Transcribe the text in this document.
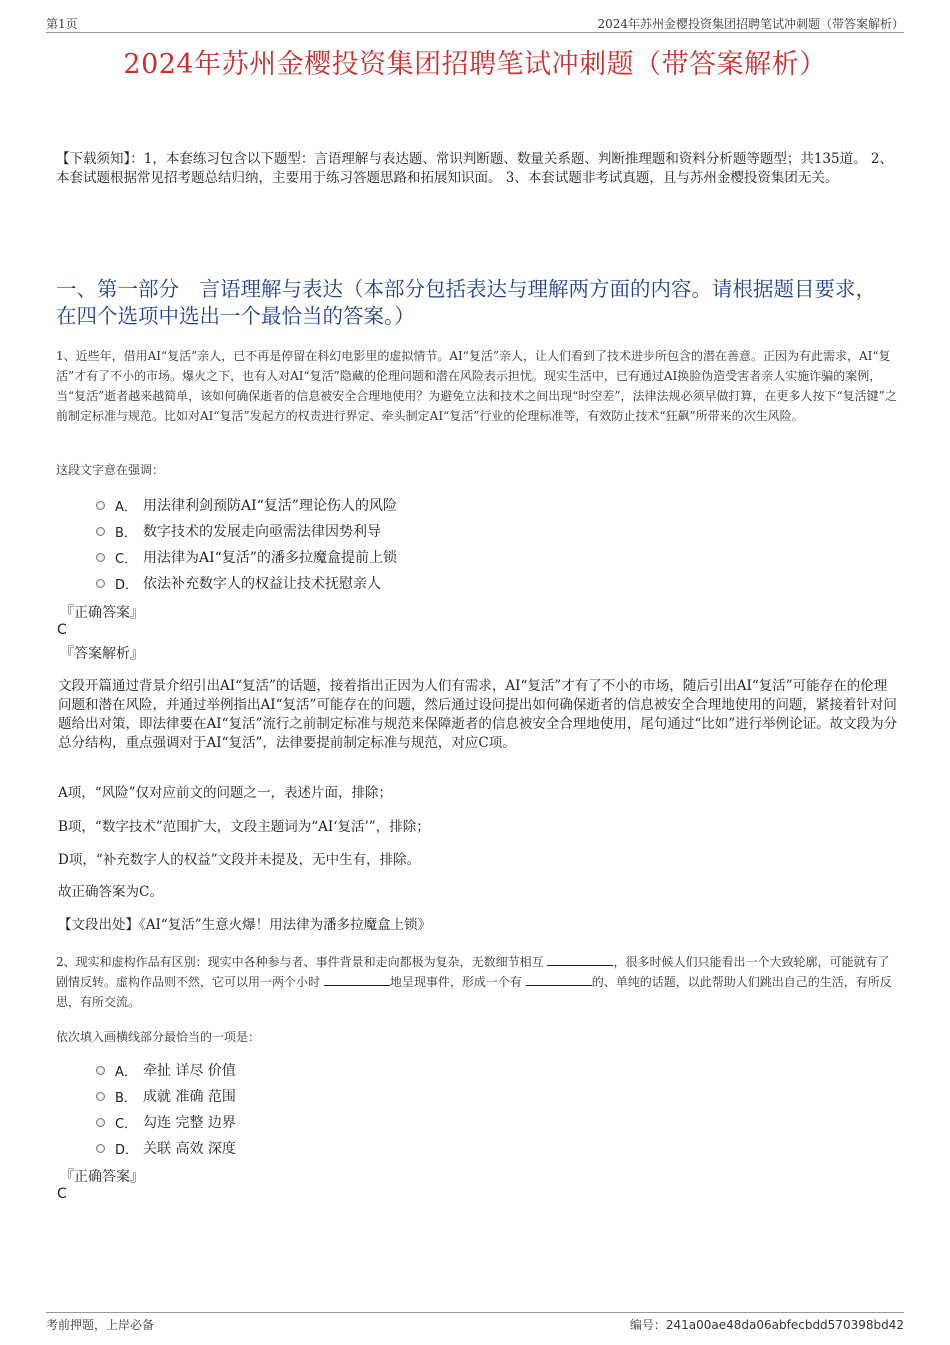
第1页	2024年苏州金樱投资集团招聘笔试冲刺题（带答案解析）
2024年苏州金樱投资集团招聘笔试冲刺题（带答案解析）
【下载须知】：1，本套练习包含以下题型：言语理解与表达题、常识判断题、数量关系题、判断推理题和资料分析题等题型；共135道。 2、本套试题根据常见招考题总结归纳，主要用于练习答题思路和拓展知识面。 3、本套试题非考试真题，且与苏州金樱投资集团无关。
一、第一部分　言语理解与表达（本部分包括表达与理解两方面的内容。请根据题目要求，在四个选项中选出一个最恰当的答案。）
1、近些年，借用AI“复活”亲人，已不再是停留在科幻电影里的虚拟情节。AI“复活”亲人，让人们看到了技术进步所包含的潜在善意。正因为有此需求，AI“复活”才有了不小的市场。爆火之下，也有人对AI“复活”隐藏的伦理问题和潜在风险表示担忧。现实生活中，已有通过AI换脸伪造受害者亲人实施诈骗的案例，当“复活”逝者越来越简单，该如何确保逝者的信息被安全合理地使用？为避免立法和技术之间出现“时空差”，法律法规必须早做打算，在更多人按下“复活键”之前制定标准与规范。比如对AI“复活”发起方的权责进行界定、牵头制定AI“复活”行业的伦理标准等，有效防止技术“狂飙”所带来的次生风险。
这段文字意在强调：
A． 用法律利剑预防AI“复活”理论伤人的风险
B． 数字技术的发展走向亟需法律因势利导
C． 用法律为AI“复活”的潘多拉魔盒提前上锁
D． 依法补充数字人的权益让技术抚慰亲人
『正确答案』
C
『答案解析』
文段开篇通过背景介绍引出AI“复活”的话题，接着指出正因为人们有需求，AI“复活”才有了不小的市场，随后引出AI“复活”可能存在的伦理问题和潜在风险，并通过举例指出AI“复活”可能存在的问题，然后通过设问提出如何确保逝者的信息被安全合理地使用的问题，紧接着针对问题给出对策，即法律要在AI“复活”流行之前制定标准与规范来保障逝者的信息被安全合理地使用，尾句通过“比如”进行举例论证。故文段为分总分结构，重点强调对于AI“复活”，法律要提前制定标准与规范，对应C项。
A项，“风险”仅对应前文的问题之一，表述片面，排除；
B项，“数字技术”范围扩大，文段主题词为“AI‘复活’”，排除；
D项，“补充数字人的权益”文段并未提及，无中生有，排除。
故正确答案为C。
【文段出处】《AI“复活”生意火爆！用法律为潘多拉魔盒上锁》
2、现实和虚构作品有区别：现实中各种参与者、事件背景和走向都极为复杂，无数细节相互	，很多时候人们只能看出一个大致轮廓，可能就有了剧情反转。虚构作品则不然，它可以用一两个小时	地呈现事件，形成一个有	的、单纯的话题，以此帮助人们跳出自己的生活，有所反思，有所交流。
依次填入画横线部分最恰当的一项是：
A． 牵扯 详尽 价值
B． 成就 准确 范围
C． 勾连 完整 边界
D． 关联 高效 深度
『正确答案』
C
考前押题，上岸必备	编号：241a00ae48da06abfecbdd570398bd42
